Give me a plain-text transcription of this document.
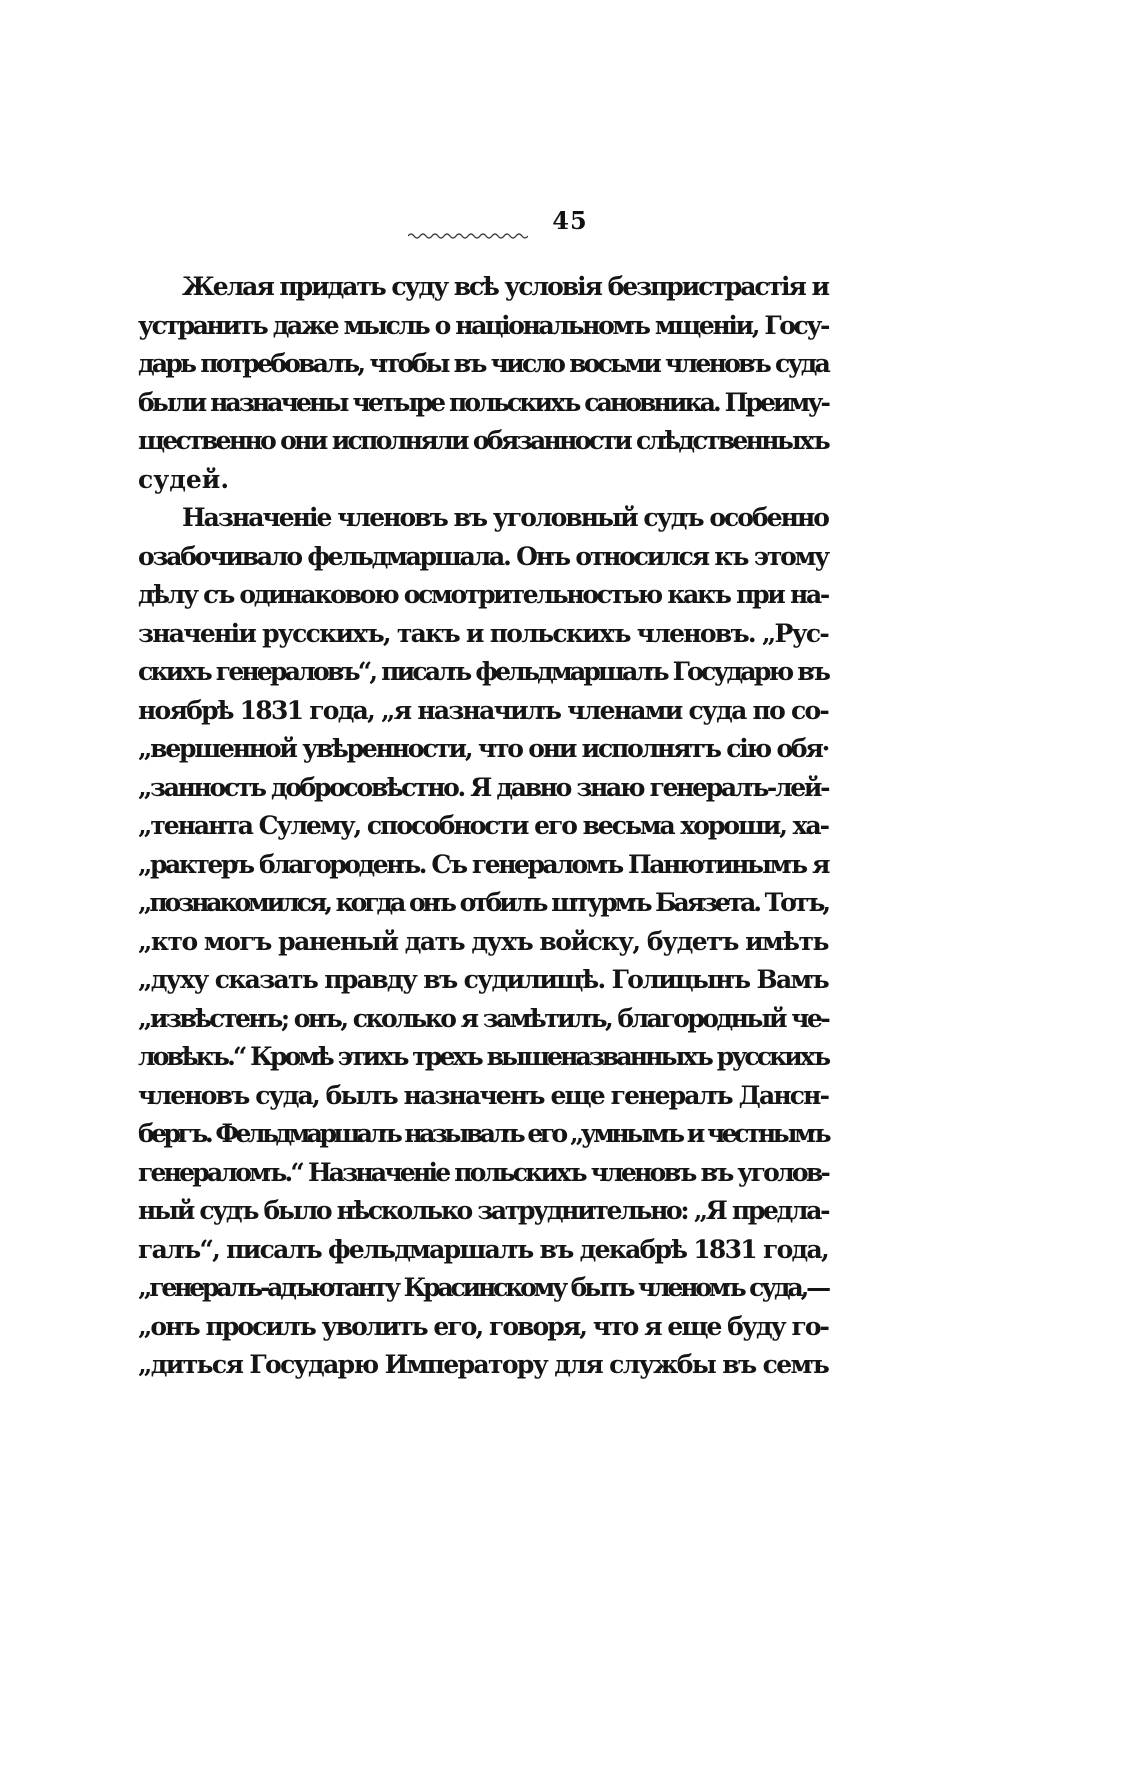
45
Желая придать суду всѣ условія безпристрастія и
устранить даже мысль о національномъ мщеніи, Госу-
дарь потребовалъ, чтобы въ число восьми членовъ суда
были назначены четыре польскихъ сановника. Преиму-
щественно они исполняли обязанности слѣдственныхъ
судей.
Назначеніе членовъ въ уголовный судъ особенно
озабочивало фельдмаршала. Онъ относился къ этому
дѣлу съ одинаковою осмотрительностью какъ при на-
значеніи русскихъ, такъ и польскихъ членовъ. „Рус-
скихъ генераловъ“, писалъ фельдмаршалъ Государю въ
ноябрѣ 1831 года, „я назначилъ членами суда по со-
„вершенной увѣренности, что они исполнятъ сію обя·
„занность добросовѣстно. Я давно знаю генералъ-лей-
„тенанта Сулему, способности его весьма хороши, ха-
„рактеръ благороденъ. Съ генераломъ Панютинымъ я
„познакомился, когда онъ отбилъ штурмъ Баязета. Тотъ,
„кто могъ раненый дать духъ войску, будетъ имѣть
„духу сказать правду въ судилищѣ. Голицынъ Вамъ
„извѣстенъ; онъ, сколько я замѣтилъ, благородный че-
ловѣкъ.“ Кромѣ этихъ трехъ вышеназванныхъ русскихъ
членовъ суда, былъ назначенъ еще генералъ Дансн-
бергъ. Фельдмаршалъ называлъ его „умнымъ и честнымъ
генераломъ.“ Назначеніе польскихъ членовъ въ уголов-
ный судъ было нѣсколько затруднительно: „Я предла-
галъ“, писалъ фельдмаршалъ въ декабрѣ 1831 года,
„генералъ-адъютанту Красинскому быть членомъ суда,—
„онъ просилъ уволить его, говоря, что я еще буду го-
„диться Государю Императору для службы въ семъ
